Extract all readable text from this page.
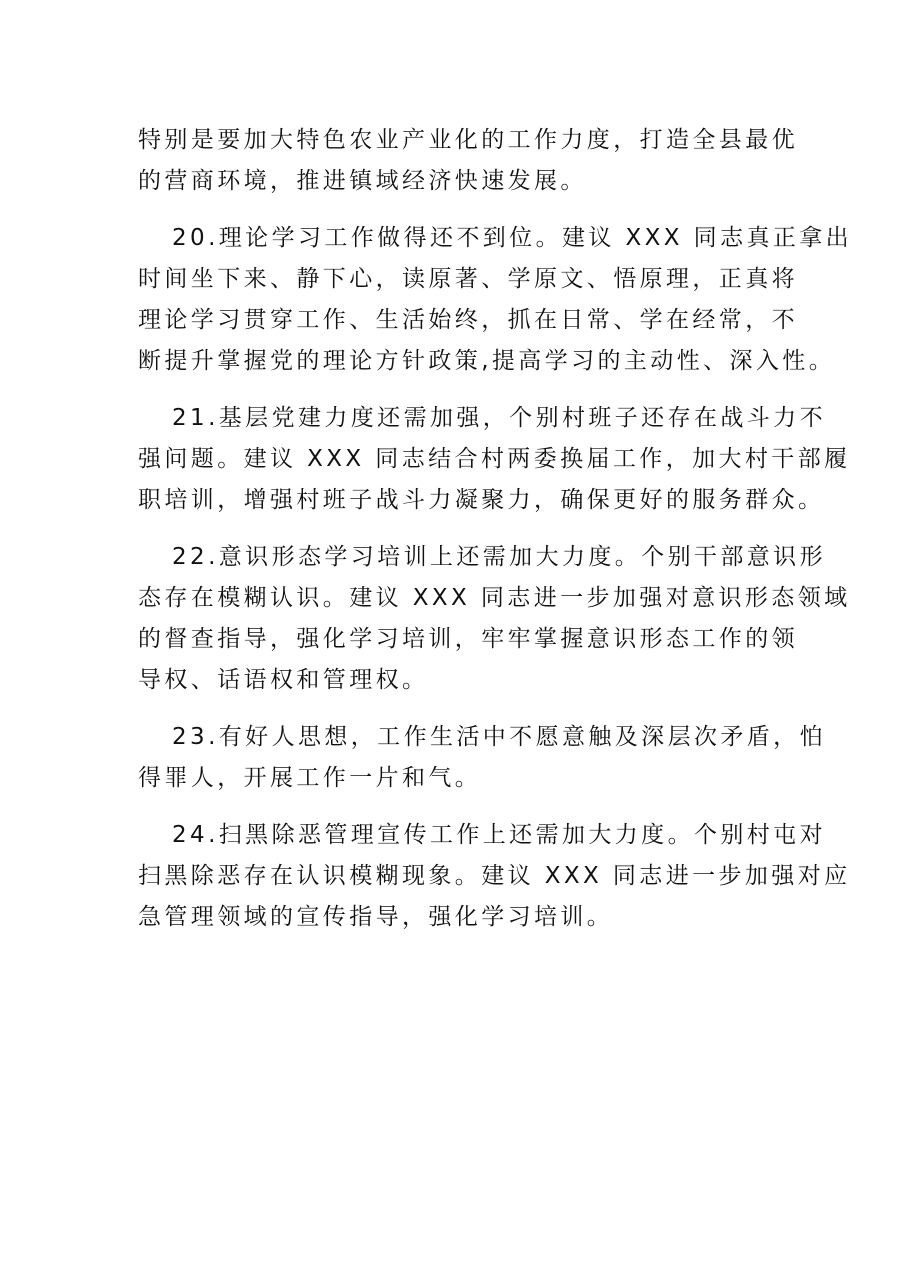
特别是要加大特色农业产业化的工作力度，打造全县最优
的营商环境，推进镇域经济快速发展。

20.理论学习工作做得还不到位。建议 XXX 同志真正拿出
时间坐下来、静下心，读原著、学原文、悟原理，正真将
理论学习贯穿工作、生活始终，抓在日常、学在经常，不
断提升掌握党的理论方针政策,提高学习的主动性、深入性。

21.基层党建力度还需加强，个别村班子还存在战斗力不
强问题。建议 XXX 同志结合村两委换届工作，加大村干部履
职培训，增强村班子战斗力凝聚力，确保更好的服务群众。

22.意识形态学习培训上还需加大力度。个别干部意识形
态存在模糊认识。建议 XXX 同志进一步加强对意识形态领域
的督查指导，强化学习培训，牢牢掌握意识形态工作的领
导权、话语权和管理权。

23.有好人思想，工作生活中不愿意触及深层次矛盾，怕
得罪人，开展工作一片和气。

24.扫黑除恶管理宣传工作上还需加大力度。个别村屯对
扫黑除恶存在认识模糊现象。建议 XXX 同志进一步加强对应
急管理领域的宣传指导，强化学习培训。
